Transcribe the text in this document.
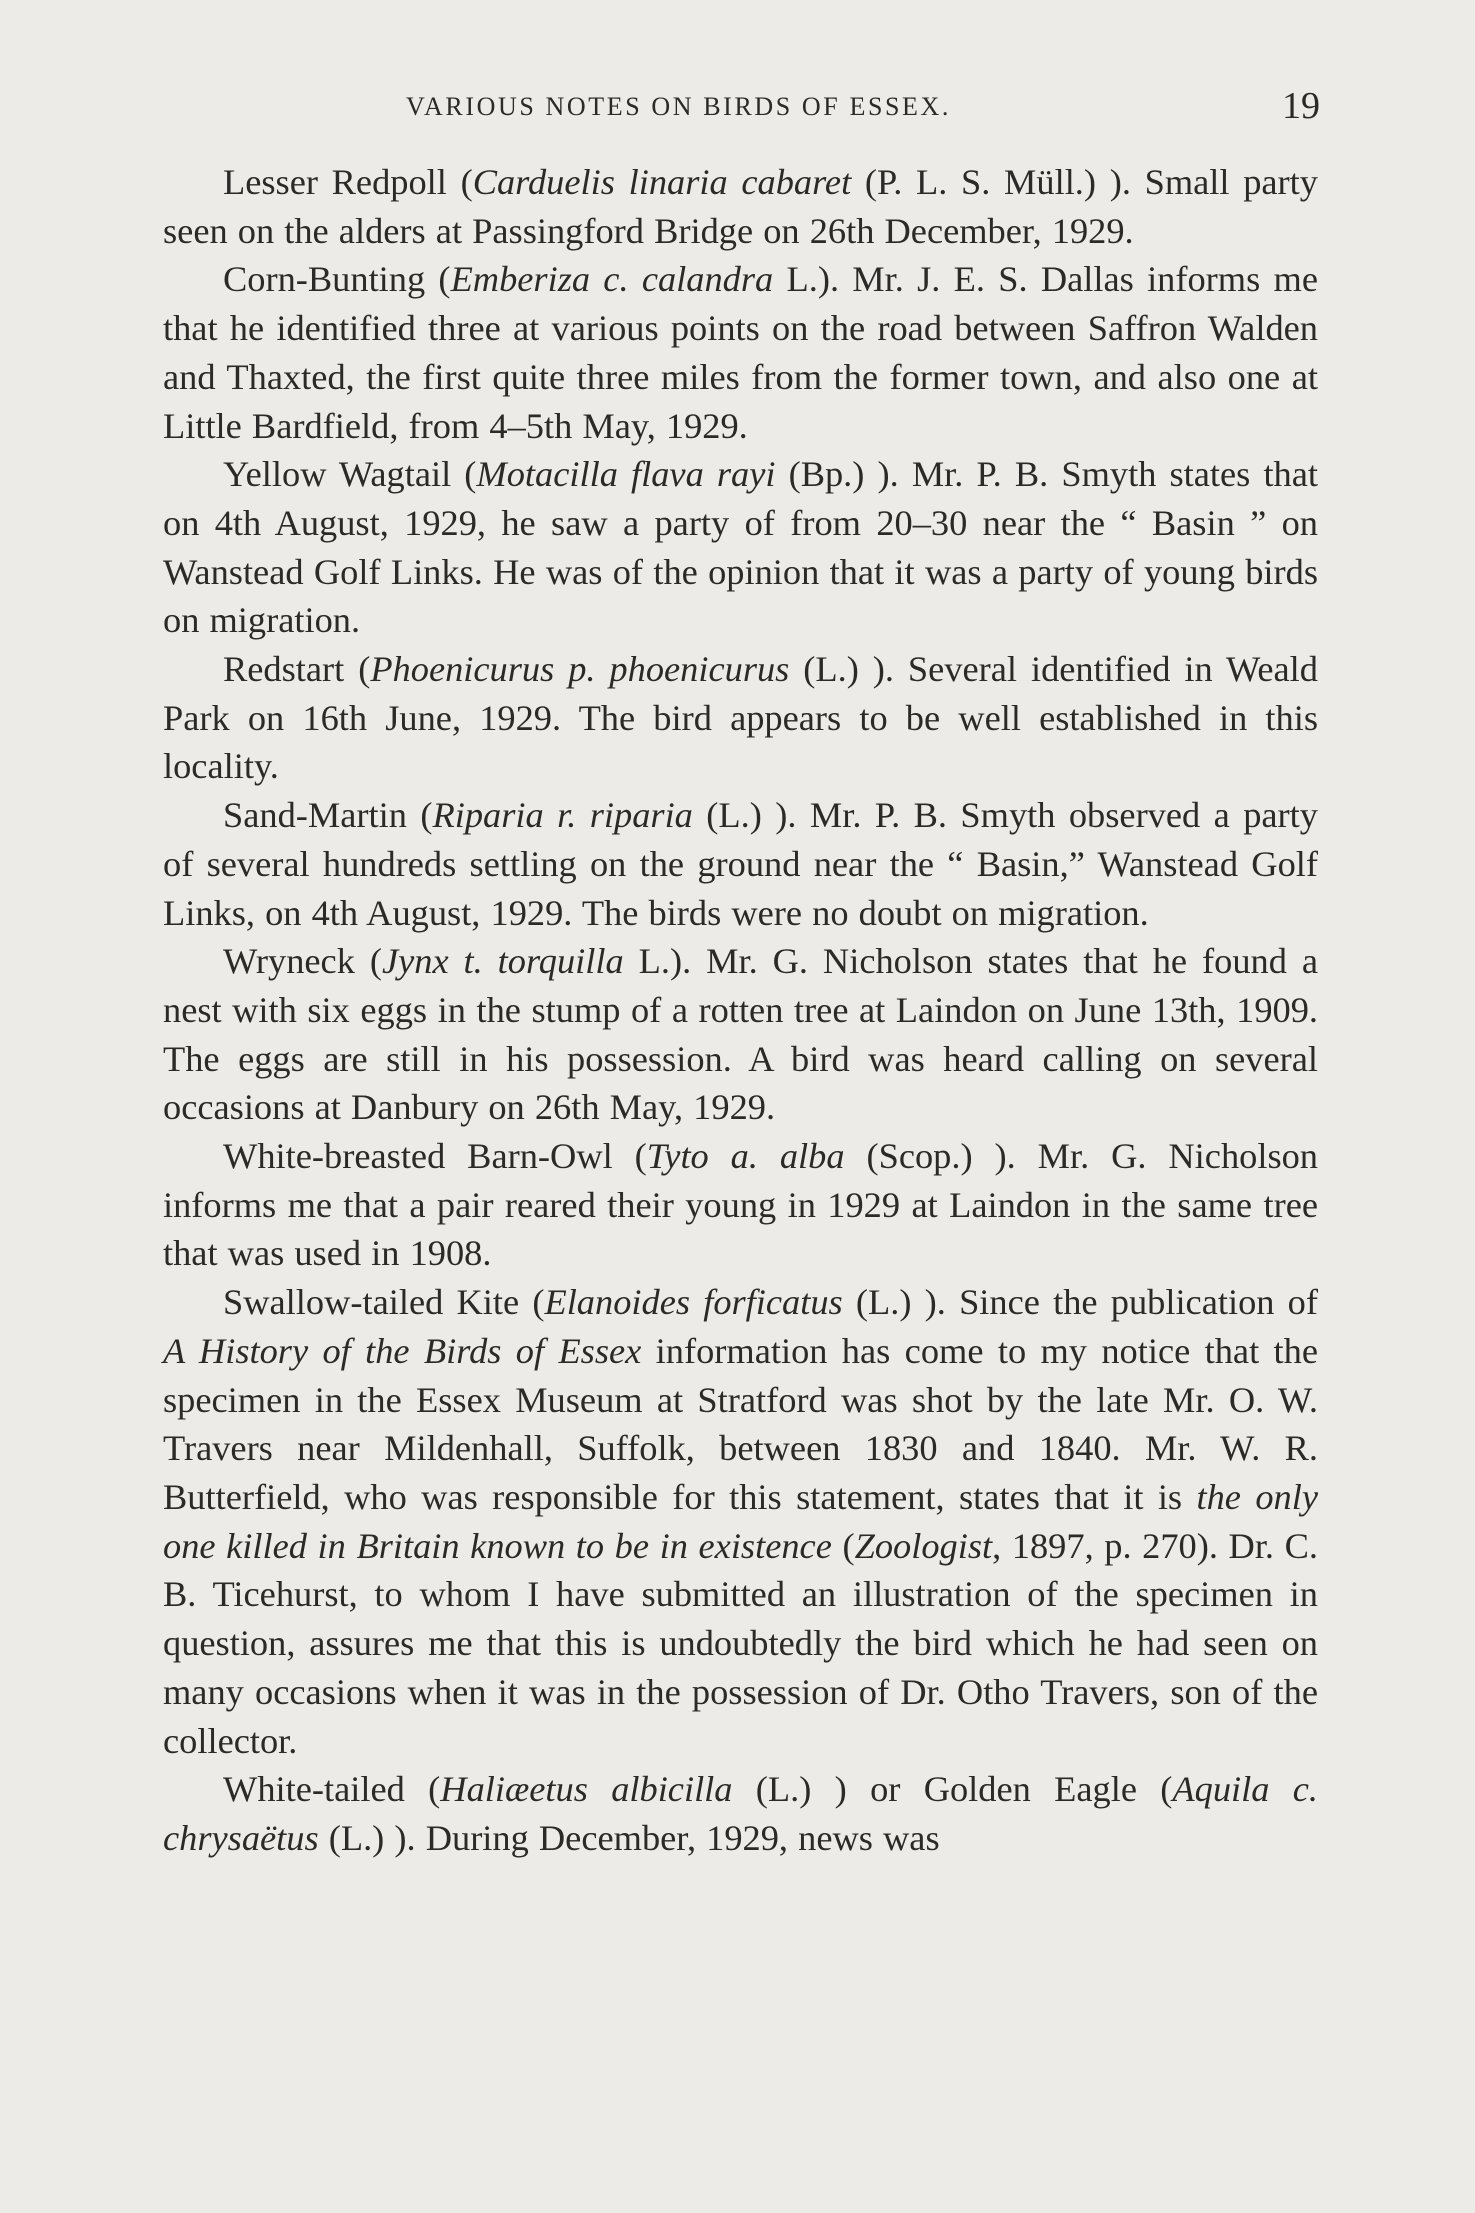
VARIOUS NOTES ON BIRDS OF ESSEX.	19

Lesser Redpoll (Carduelis linaria cabaret (P. L. S. Müll.) ). Small party seen on the alders at Passingford Bridge on 26th December, 1929.

Corn-Bunting (Emberiza c. calandra L.). Mr. J. E. S. Dallas informs me that he identified three at various points on the road between Saffron Walden and Thaxted, the first quite three miles from the former town, and also one at Little Bardfield, from 4–5th May, 1929.

Yellow Wagtail (Motacilla flava rayi (Bp.) ). Mr. P. B. Smyth states that on 4th August, 1929, he saw a party of from 20–30 near the “ Basin ” on Wanstead Golf Links. He was of the opinion that it was a party of young birds on migration.

Redstart (Phoenicurus p. phoenicurus (L.) ). Several identified in Weald Park on 16th June, 1929. The bird appears to be well established in this locality.

Sand-Martin (Riparia r. riparia (L.) ). Mr. P. B. Smyth observed a party of several hundreds settling on the ground near the “ Basin,” Wanstead Golf Links, on 4th August, 1929. The birds were no doubt on migration.

Wryneck (Jynx t. torquilla L.). Mr. G. Nicholson states that he found a nest with six eggs in the stump of a rotten tree at Laindon on June 13th, 1909. The eggs are still in his possession. A bird was heard calling on several occasions at Danbury on 26th May, 1929.

White-breasted Barn-Owl (Tyto a. alba (Scop.) ). Mr. G. Nicholson informs me that a pair reared their young in 1929 at Laindon in the same tree that was used in 1908.

Swallow-tailed Kite (Elanoides forficatus (L.) ). Since the publication of A History of the Birds of Essex information has come to my notice that the specimen in the Essex Museum at Stratford was shot by the late Mr. O. W. Travers near Mildenhall, Suffolk, between 1830 and 1840. Mr. W. R. Butterfield, who was responsible for this statement, states that it is the only one killed in Britain known to be in existence (Zoologist, 1897, p. 270). Dr. C. B. Ticehurst, to whom I have submitted an illustration of the specimen in question, assures me that this is undoubtedly the bird which he had seen on many occasions when it was in the possession of Dr. Otho Travers, son of the collector.

White-tailed (Haliæetus albicilla (L.) ) or Golden Eagle (Aquila c. chrysaëtus (L.) ). During December, 1929, news was
